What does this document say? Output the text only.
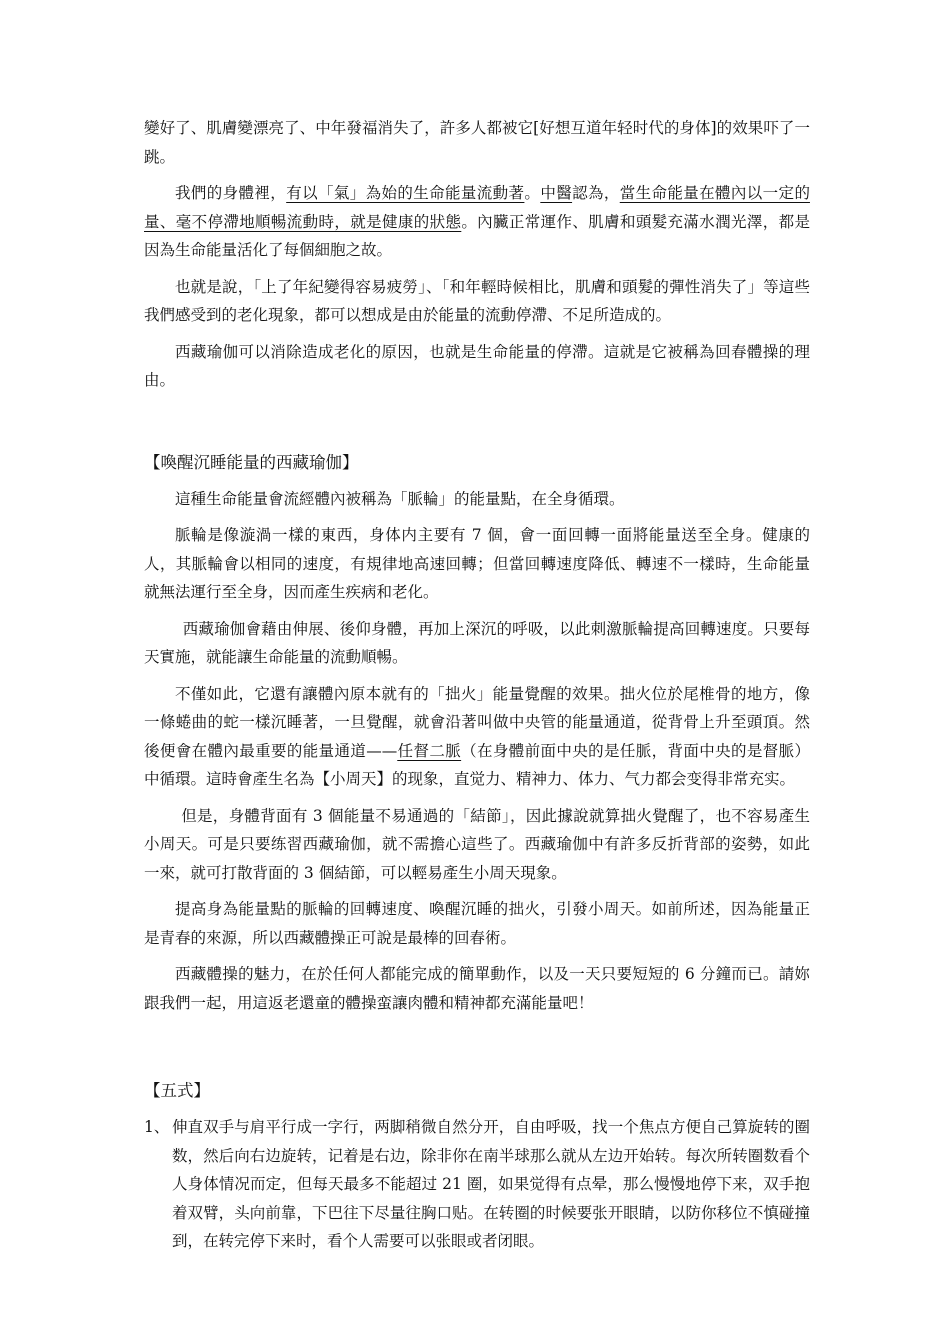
變好了、肌膚變漂亮了、中年發福消失了，許多人都被它[好想互道年轻时代的身体]的效果吓了一跳。

我們的身體裡，有以「氣」為始的生命能量流動著。中醫認為，當生命能量在體內以一定的量、毫不停滯地順暢流動時，就是健康的狀態。內臟正常運作、肌膚和頭髮充滿水潤光澤，都是因為生命能量活化了每個細胞之故。

也就是說，「上了年紀變得容易疲勞」、「和年輕時候相比，肌膚和頭髮的彈性消失了」等這些我們感受到的老化現象，都可以想成是由於能量的流動停滯、不足所造成的。

西藏瑜伽可以消除造成老化的原因，也就是生命能量的停滯。這就是它被稱為回春體操的理由。

【喚醒沉睡能量的西藏瑜伽】

這種生命能量會流經體內被稱為「脈輪」的能量點，在全身循環。

脈輪是像漩渦一樣的東西，身体内主要有 7 個，會一面回轉一面將能量送至全身。健康的人，其脈輪會以相同的速度，有規律地高速回轉；但當回轉速度降低、轉速不一樣時，生命能量就無法運行至全身，因而產生疾病和老化。

西藏瑜伽會藉由伸展、後仰身體，再加上深沉的呼吸，以此刺激脈輪提高回轉速度。只要每天實施，就能讓生命能量的流動順暢。

不僅如此，它還有讓體內原本就有的「拙火」能量覺醒的效果。拙火位於尾椎骨的地方，像一條蜷曲的蛇一樣沉睡著，一旦覺醒，就會沿著叫做中央管的能量通道，從背骨上升至頭頂。然後便會在體內最重要的能量通道——任督二脈（在身體前面中央的是任脈，背面中央的是督脈）中循環。這時會產生名為【小周天】的现象，直觉力、精神力、体力、气力都会变得非常充实。

但是，身體背面有 3 個能量不易通過的「結節」，因此據說就算拙火覺醒了，也不容易產生小周天。可是只要练習西藏瑜伽，就不需擔心這些了。西藏瑜伽中有許多反折背部的姿勢，如此一來，就可打散背面的 3 個結節，可以輕易產生小周天現象。

提高身為能量點的脈輪的回轉速度、喚醒沉睡的拙火，引發小周天。如前所述，因為能量正是青春的來源，所以西藏體操正可說是最棒的回春術。

西藏體操的魅力，在於任何人都能完成的簡單動作，以及一天只要短短的 6 分鐘而已。請妳跟我們一起，用這返老還童的體操蛮讓肉體和精神都充滿能量吧！

【五式】
1、 伸直双手与肩平行成一字行，两脚稍微自然分开，自由呼吸，找一个焦点方便自己算旋转的圈数，然后向右边旋转，记着是右边，除非你在南半球那么就从左边开始转。每次所转圈数看个人身体情况而定，但每天最多不能超过 21 圈，如果觉得有点晕，那么慢慢地停下来，双手抱着双臂，头向前靠，下巴往下尽量往胸口贴。在转圈的时候要张开眼睛，以防你移位不慎碰撞到，在转完停下来时，看个人需要可以张眼或者闭眼。
